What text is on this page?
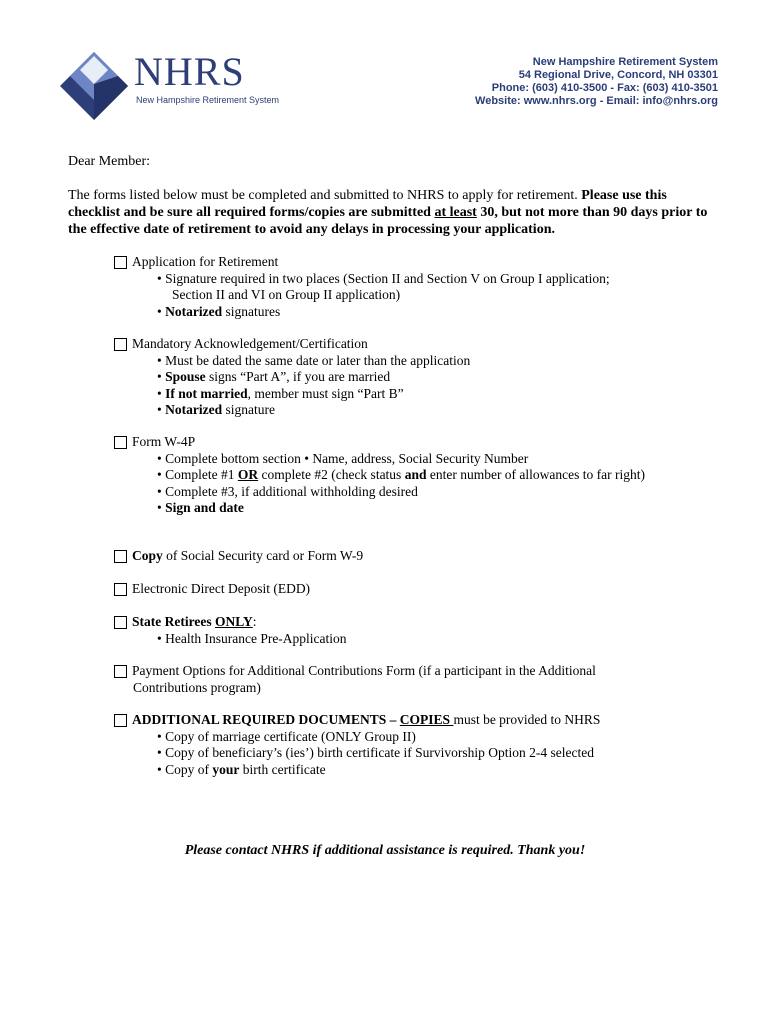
NHRS
New Hampshire Retirement System
New Hampshire Retirement System
54 Regional Drive, Concord, NH 03301
Phone: (603) 410-3500 - Fax: (603) 410-3501
Website: www.nhrs.org - Email: info@nhrs.org
Dear Member:
The forms listed below must be completed and submitted to NHRS to apply for retirement. Please use this checklist and be sure all required forms/copies are submitted at least 30, but not more than 90 days prior to the effective date of retirement to avoid any delays in processing your application.
Application for Retirement
• Signature required in two places (Section II and Section V on Group I application;
Section II and VI on Group II application)
• Notarized signatures
Mandatory Acknowledgement/Certification
• Must be dated the same date or later than the application
• Spouse signs “Part A”, if you are married
• If not married, member must sign “Part B”
• Notarized signature
Form W-4P
• Complete bottom section • Name, address, Social Security Number
• Complete #1 OR complete #2 (check status and enter number of allowances to far right)
• Complete #3, if additional withholding desired
• Sign and date
Copy of Social Security card or Form W-9
Electronic Direct Deposit (EDD)
State Retirees ONLY :
• Health Insurance Pre-Application
Payment Options for Additional Contributions Form (if a participant in the Additional
Contributions program)
ADDITIONAL REQUIRED DOCUMENTS – COPIES must be provided to NHRS
• Copy of marriage certificate (ONLY Group II)
• Copy of beneficiary’s (ies’) birth certificate if Survivorship Option 2-4 selected
• Copy of your birth certificate
Please contact NHRS if additional assistance is required. Thank you!
